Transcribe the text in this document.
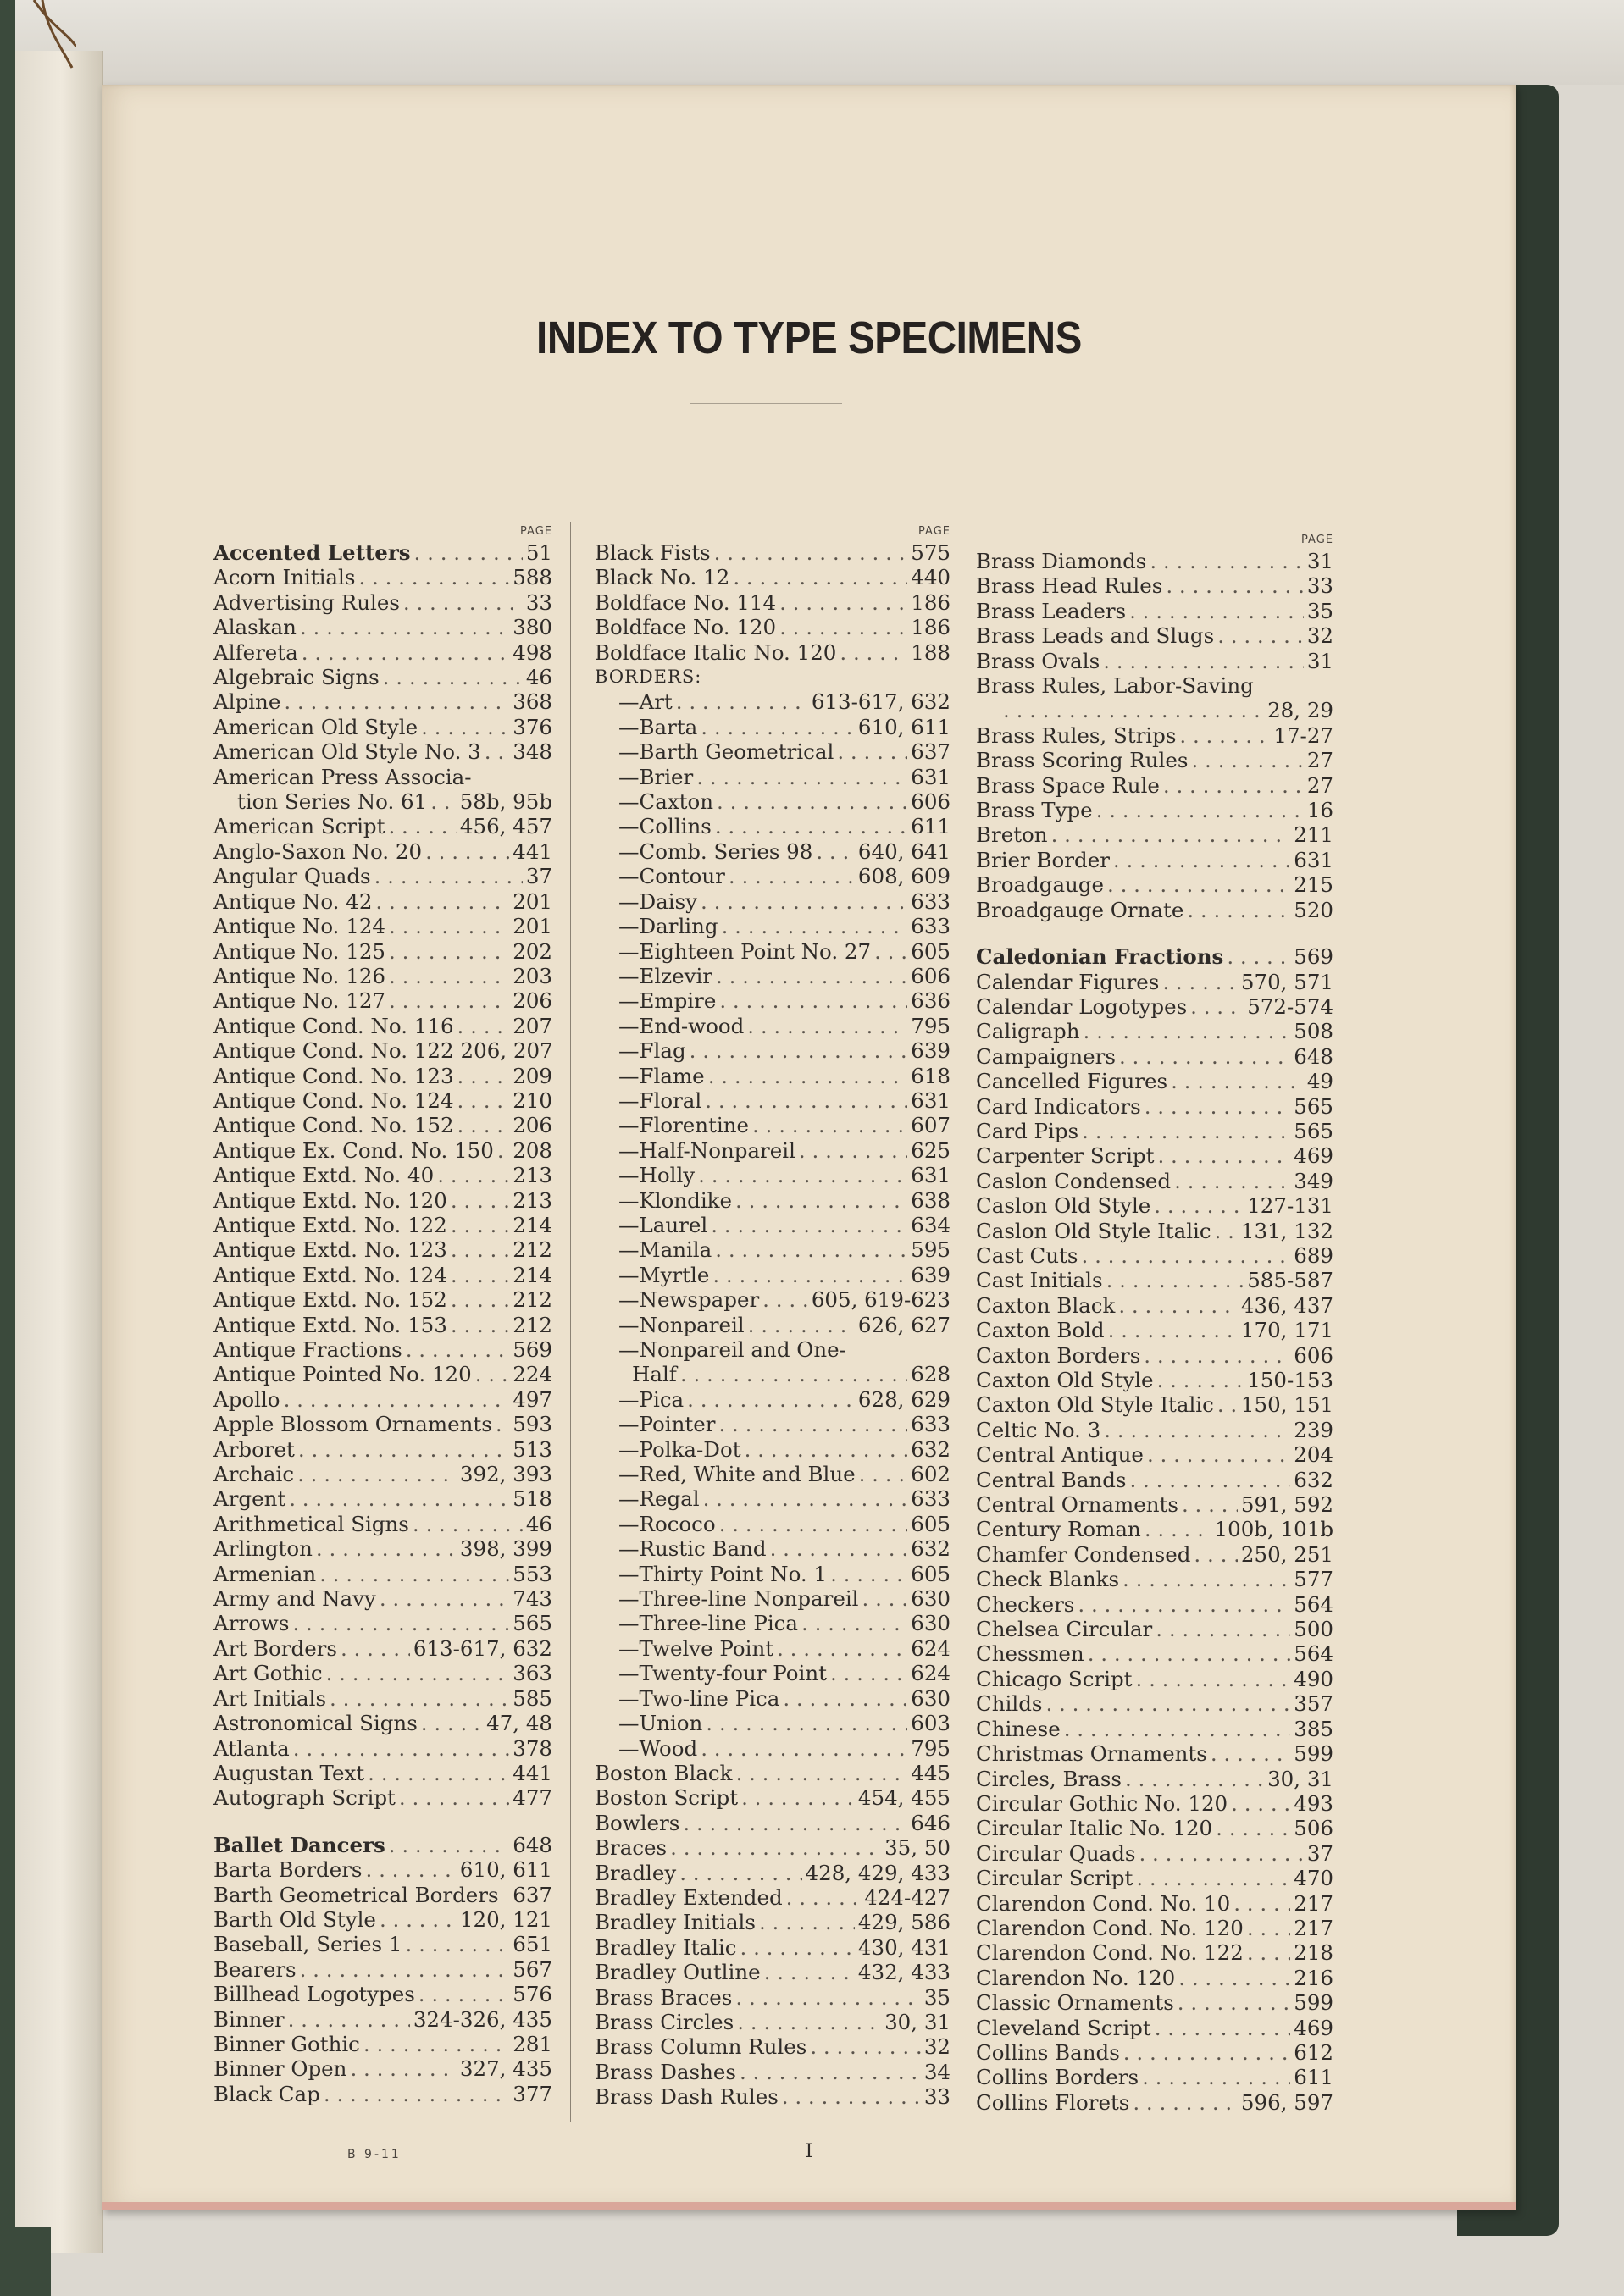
INDEX TO TYPE SPECIMENS
PAGE
Accented Letters . . .	51
Acorn Initials . . .	588
Advertising Rules . . .	33
Alaskan . . .	380
Alfereta . . .	498
Algebraic Signs . . .	46
Alpine . . .	368
American Old Style . . .	376
American Old Style No. 3 . . . 348
American Press Associa-
tion Series No. 61 . . . 58b, 95b
American Script . . .	456, 457
Anglo-Saxon No. 20 . . .	441
Angular Quads . . .	37
Antique No. 42 . . .	201
Antique No. 124 . . .	201
Antique No. 125 . . .	202
Antique No. 126 . . .	203
Antique No. 127 . . .	206
Antique Cond. No. 116 . . .	207
Antique Cond. No. 122 206, 207
Antique Cond. No. 123 . . .	209
Antique Cond. No. 124 . . .	210
Antique Cond. No. 152 . . .	206
Antique Ex. Cond. No. 150 . . . 208
Antique Extd. No. 40 . . .	213
Antique Extd. No. 120 . . .	213
Antique Extd. No. 122 . . .	214
Antique Extd. No. 123 . . .	212
Antique Extd. No. 124 . . .	214
Antique Extd. No. 152 . . .	212
Antique Extd. No. 153 . . .	212
Antique Fractions . . .	569
Antique Pointed No. 120 . . . 224
Apollo . . .	497
Apple Blossom Ornaments . . . 593
Arboret . . .	513
Archaic . . .	392, 393
Argent . . .	518
Arithmetical Signs . . .	46
Arlington . . .	398, 399
Armenian . . .	553
Army and Navy . . .	743
Arrows . . .	565
Art Borders . . .	613-617, 632
Art Gothic . . .	363
Art Initials . . .	585
Astronomical Signs . . .	47, 48
Atlanta . . .	378
Augustan Text . . .	441
Autograph Script . . .	477
Ballet Dancers . . .	648
Barta Borders . . .	610, 611
Barth Geometrical Borders 637
Barth Old Style . . .	120, 121
Baseball, Series 1 . . .	651
Bearers . . .	567
Billhead Logotypes . . .	576
Binner . . .	324-326, 435
Binner Gothic . . .	281
Binner Open . . .	327, 435
Black Cap . . .	377
PAGE
Black Fists . . .	575
Black No. 12 . . .	440
Boldface No. 114 . . .	186
Boldface No. 120 . . .	186
Boldface Italic No. 120 . . .	188
BORDERS:
—Art . . .	613-617, 632
—Barta . . .	610, 611
—Barth Geometrical . . .	637
—Brier . . .	631
—Caxton . . .	606
—Collins . . .	611
—Comb. Series 98 . . . 640, 641
—Contour . . .	608, 609
—Daisy . . .	633
—Darling . . .	633
—Eighteen Point No. 27 . . . 605
—Elzevir . . .	606
—Empire . . .	636
—End-wood . . .	795
—Flag . . .	639
—Flame . . .	618
—Floral . . .	631
—Florentine . . .	607
—Half-Nonpareil . . .	625
—Holly . . .	631
—Klondike . . .	638
—Laurel . . .	634
—Manila . . .	595
—Myrtle . . .	639
—Newspaper . . .	605, 619-623
—Nonpareil . . .	626, 627
—Nonpareil and One-
Half . . .	628
—Pica . . .	628, 629
—Pointer . . .	633
—Polka-Dot . . .	632
—Red, White and Blue . . .	602
—Regal . . .	633
—Rococo . . .	605
—Rustic Band . . .	632
—Thirty Point No. 1 . . .	605
—Three-line Nonpareil . . .	630
—Three-line Pica . . .	630
—Twelve Point . . .	624
—Twenty-four Point . . .	624
—Two-line Pica . . .	630
—Union . . .	603
—Wood . . .	795
Boston Black . . .	445
Boston Script . . .	454, 455
Bowlers . . .	646
Braces . . .	35, 50
Bradley . . .	428, 429, 433
Bradley Extended . . .	424-427
Bradley Initials . . .	429, 586
Bradley Italic . . .	430, 431
Bradley Outline . . .	432, 433
Brass Braces . . .	35
Brass Circles . . .	30, 31
Brass Column Rules . . .	32
Brass Dashes . . .	34
Brass Dash Rules . . .	33
PAGE
Brass Diamonds . . .	31
Brass Head Rules . . .	33
Brass Leaders . . .	35
Brass Leads and Slugs . . .	32
Brass Ovals . . .	31
Brass Rules, Labor-Saving
. . .
28, 29
Brass Rules, Strips . . .	17-27
Brass Scoring Rules . . .	27
Brass Space Rule . . .	27
Brass Type . . .	16
Breton . . .	211
Brier Border . . .	631
Broadgauge . . .	215
Broadgauge Ornate . . .	520
Caledonian Fractions . . .	569
Calendar Figures . . .	570, 571
Calendar Logotypes . . .	572-574
Caligraph . . .	508
Campaigners . . .	648
Cancelled Figures . . .	49
Card Indicators . . .	565
Card Pips . . .	565
Carpenter Script . . .	469
Caslon Condensed . . .	349
Caslon Old Style . . .	127-131
Caslon Old Style Italic . . . 131, 132
Cast Cuts . . .	689
Cast Initials . . .	585-587
Caxton Black . . .	436, 437
Caxton Bold . . .	170, 171
Caxton Borders . . .	606
Caxton Old Style . . .	150-153
Caxton Old Style Italic . . . 150, 151
Celtic No. 3 . . .	239
Central Antique . . .	204
Central Bands . . .	632
Central Ornaments . . .	591, 592
Century Roman . . .	100b, 101b
Chamfer Condensed . . . 250, 251
Check Blanks . . .	577
Checkers . . .	564
Chelsea Circular . . .	500
Chessmen . . .	564
Chicago Script . . .	490
Childs . . .	357
Chinese . . .	385
Christmas Ornaments . . .	599
Circles, Brass . . .	30, 31
Circular Gothic No. 120 . . .	493
Circular Italic No. 120 . . .	506
Circular Quads . . .	37
Circular Script . . .	470
Clarendon Cond. No. 10 . . .	217
Clarendon Cond. No. 120 . . . 217
Clarendon Cond. No. 122 . . . 218
Clarendon No. 120 . . .	216
Classic Ornaments . . .	599
Cleveland Script . . .	469
Collins Bands . . .	612
Collins Borders . . .	611
Collins Florets . . .	596, 597
B 9-11	I
